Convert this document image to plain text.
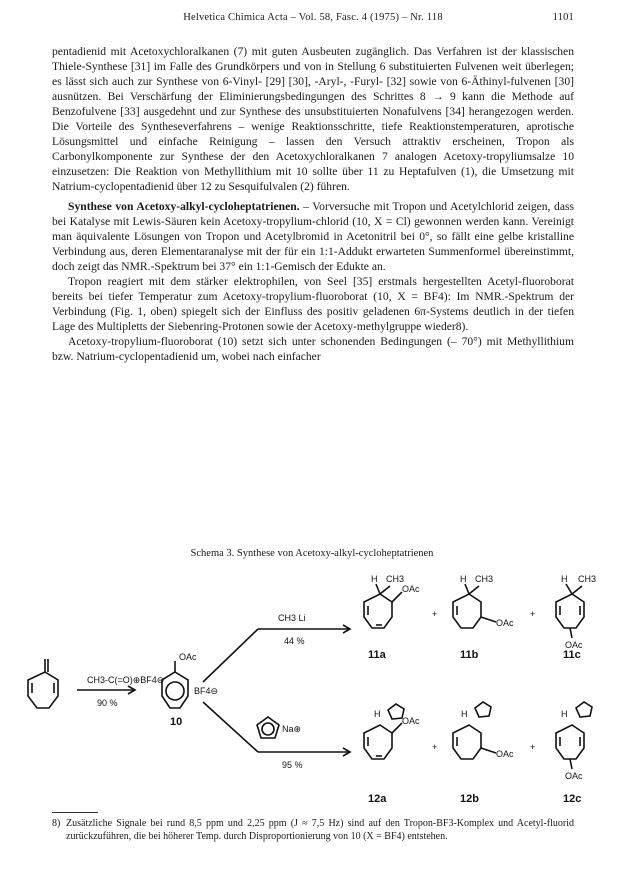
Helvetica Chimica Acta – Vol. 58, Fasc. 4 (1975) – Nr. 118	1101

pentadienid mit Acetoxychloralkanen (7) mit guten Ausbeuten zugänglich. Das Verfahren ist der klassischen Thiele-Synthese [31] im Falle des Grundkörpers und von in Stellung 6 substituierten Fulvenen weit überlegen; es lässt sich auch zur Synthese von 6-Vinyl- [29] [30], -Aryl-, -Furyl- [32] sowie von 6-Äthinyl-fulvenen [30] ausnützen. Bei Verschärfung der Eliminierungsbedingungen des Schrittes 8 → 9 kann die Methode auf Benzofulvene [33] ausgedehnt und zur Synthese des unsubstituierten Nonafulvens [34] herangezogen werden. Die Vorteile des Syntheseverfahrens – wenige Reaktionsschritte, tiefe Reaktionstemperaturen, aprotische Lösungsmittel und einfache Reinigung – lassen den Versuch attraktiv erscheinen, Tropon als Carbonylkomponente zur Synthese der den Acetoxychloralkanen 7 analogen Acetoxy-tropyliumsalze 10 einzusetzen: Die Reaktion von Methyllithium mit 10 sollte über 11 zu Heptafulven (1), die Umsetzung mit Natrium-cyclopentadienid über 12 zu Sesquifulvalen (2) führen.

Synthese von Acetoxy-alkyl-cycloheptatrienen. – Vorversuche mit Tropon und Acetylchlorid zeigen, dass bei Katalyse mit Lewis-Säuren kein Acetoxy-tropylium-chlorid (10, X = Cl) gewonnen werden kann. Vereinigt man äquivalente Lösungen von Tropon und Acetylbromid in Acetonitril bei 0°, so fällt eine gelbe kristalline Verbindung aus, deren Elementaranalyse mit der für ein 1:1-Addukt erwarteten Summenformel übereinstimmt, doch zeigt das NMR.-Spektrum bei 37° ein 1:1-Gemisch der Edukte an.

Tropon reagiert mit dem stärker elektrophilen, von Seel [35] erstmals hergestellten Acetyl-fluoroborat bereits bei tiefer Temperatur zum Acetoxy-tropylium-fluoroborat (10, X = BF4): Im NMR.-Spektrum der Verbindung (Fig. 1, oben) spiegelt sich der Einfluss des positiv geladenen 6π-Systems deutlich in der tiefen Lage des Multipletts der Siebenring-Protonen sowie der Acetoxy-methylgruppe wieder8).

Acetoxy-tropylium-fluoroborat (10) setzt sich unter schonenden Bedingungen (– 70°) mit Methyllithium bzw. Natrium-cyclopentadienid um, wobei nach einfacher

Schema 3. Synthese von Acetoxy-alkyl-cycloheptatrienen
CH3-C(=O)⊕BF4⊖
90 %
OAc
BF4⊖
10
CH3 Li
44 %
Na⊕
95 %
H CH3
OAc
+
H CH3
OAc
+
H CH3
OAc
11a	11b	11c
H
OAc
+
H
OAc
+
H
OAc
12a	12b	12c
8) Zusätzliche Signale bei rund 8,5 ppm und 2,25 ppm (J ≈ 7,5 Hz) sind auf den Tropon-BF3-Komplex und Acetyl-fluorid zurückzuführen, die bei höherer Temp. durch Disproportionierung von 10 (X = BF4) entstehen.
